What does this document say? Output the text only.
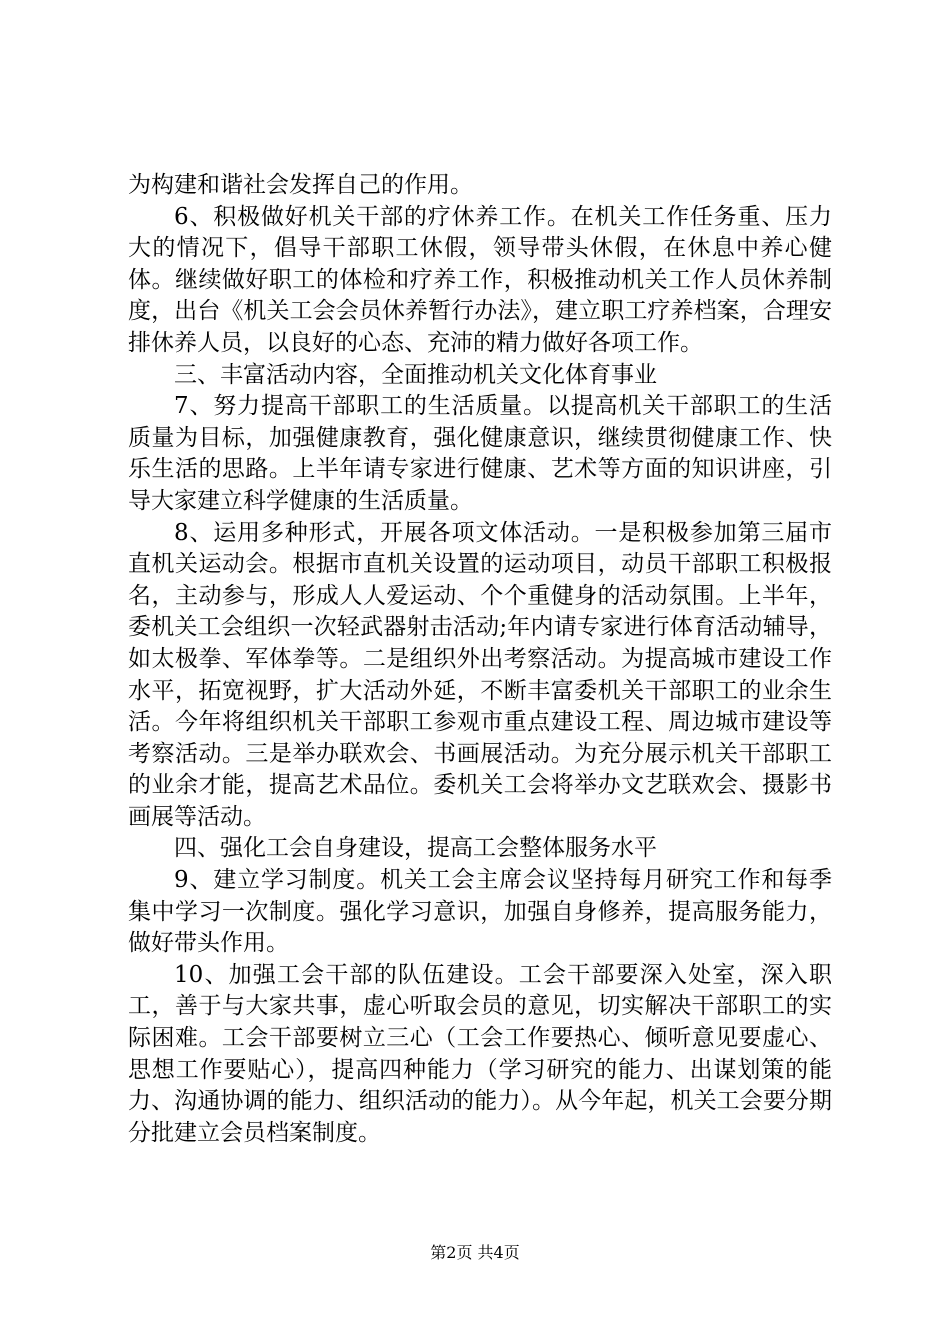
为构建和谐社会发挥自己的作用。

6、积极做好机关干部的疗休养工作。在机关工作任务重、压力大的情况下，倡导干部职工休假，领导带头休假，在休息中养心健体。继续做好职工的体检和疗养工作，积极推动机关工作人员休养制度，出台《机关工会会员休养暂行办法》，建立职工疗养档案，合理安排休养人员，以良好的心态、充沛的精力做好各项工作。

三、丰富活动内容，全面推动机关文化体育事业

7、努力提高干部职工的生活质量。以提高机关干部职工的生活质量为目标，加强健康教育，强化健康意识，继续贯彻健康工作、快乐生活的思路。上半年请专家进行健康、艺术等方面的知识讲座，引导大家建立科学健康的生活质量。

8、运用多种形式，开展各项文体活动。一是积极参加第三届市直机关运动会。根据市直机关设置的运动项目，动员干部职工积极报名，主动参与，形成人人爱运动、个个重健身的活动氛围。上半年，委机关工会组织一次轻武器射击活动;年内请专家进行体育活动辅导，如太极拳、军体拳等。二是组织外出考察活动。为提高城市建设工作水平，拓宽视野，扩大活动外延，不断丰富委机关干部职工的业余生活。今年将组织机关干部职工参观市重点建设工程、周边城市建设等考察活动。三是举办联欢会、书画展活动。为充分展示机关干部职工的业余才能，提高艺术品位。委机关工会将举办文艺联欢会、摄影书画展等活动。

四、强化工会自身建设，提高工会整体服务水平

9、建立学习制度。机关工会主席会议坚持每月研究工作和每季集中学习一次制度。强化学习意识，加强自身修养，提高服务能力，做好带头作用。

10、加强工会干部的队伍建设。工会干部要深入处室，深入职工，善于与大家共事，虚心听取会员的意见，切实解决干部职工的实际困难。工会干部要树立三心（工会工作要热心、倾听意见要虚心、思想工作要贴心），提高四种能力（学习研究的能力、出谋划策的能力、沟通协调的能力、组织活动的能力）。从今年起，机关工会要分期分批建立会员档案制度。

第2页 共4页
